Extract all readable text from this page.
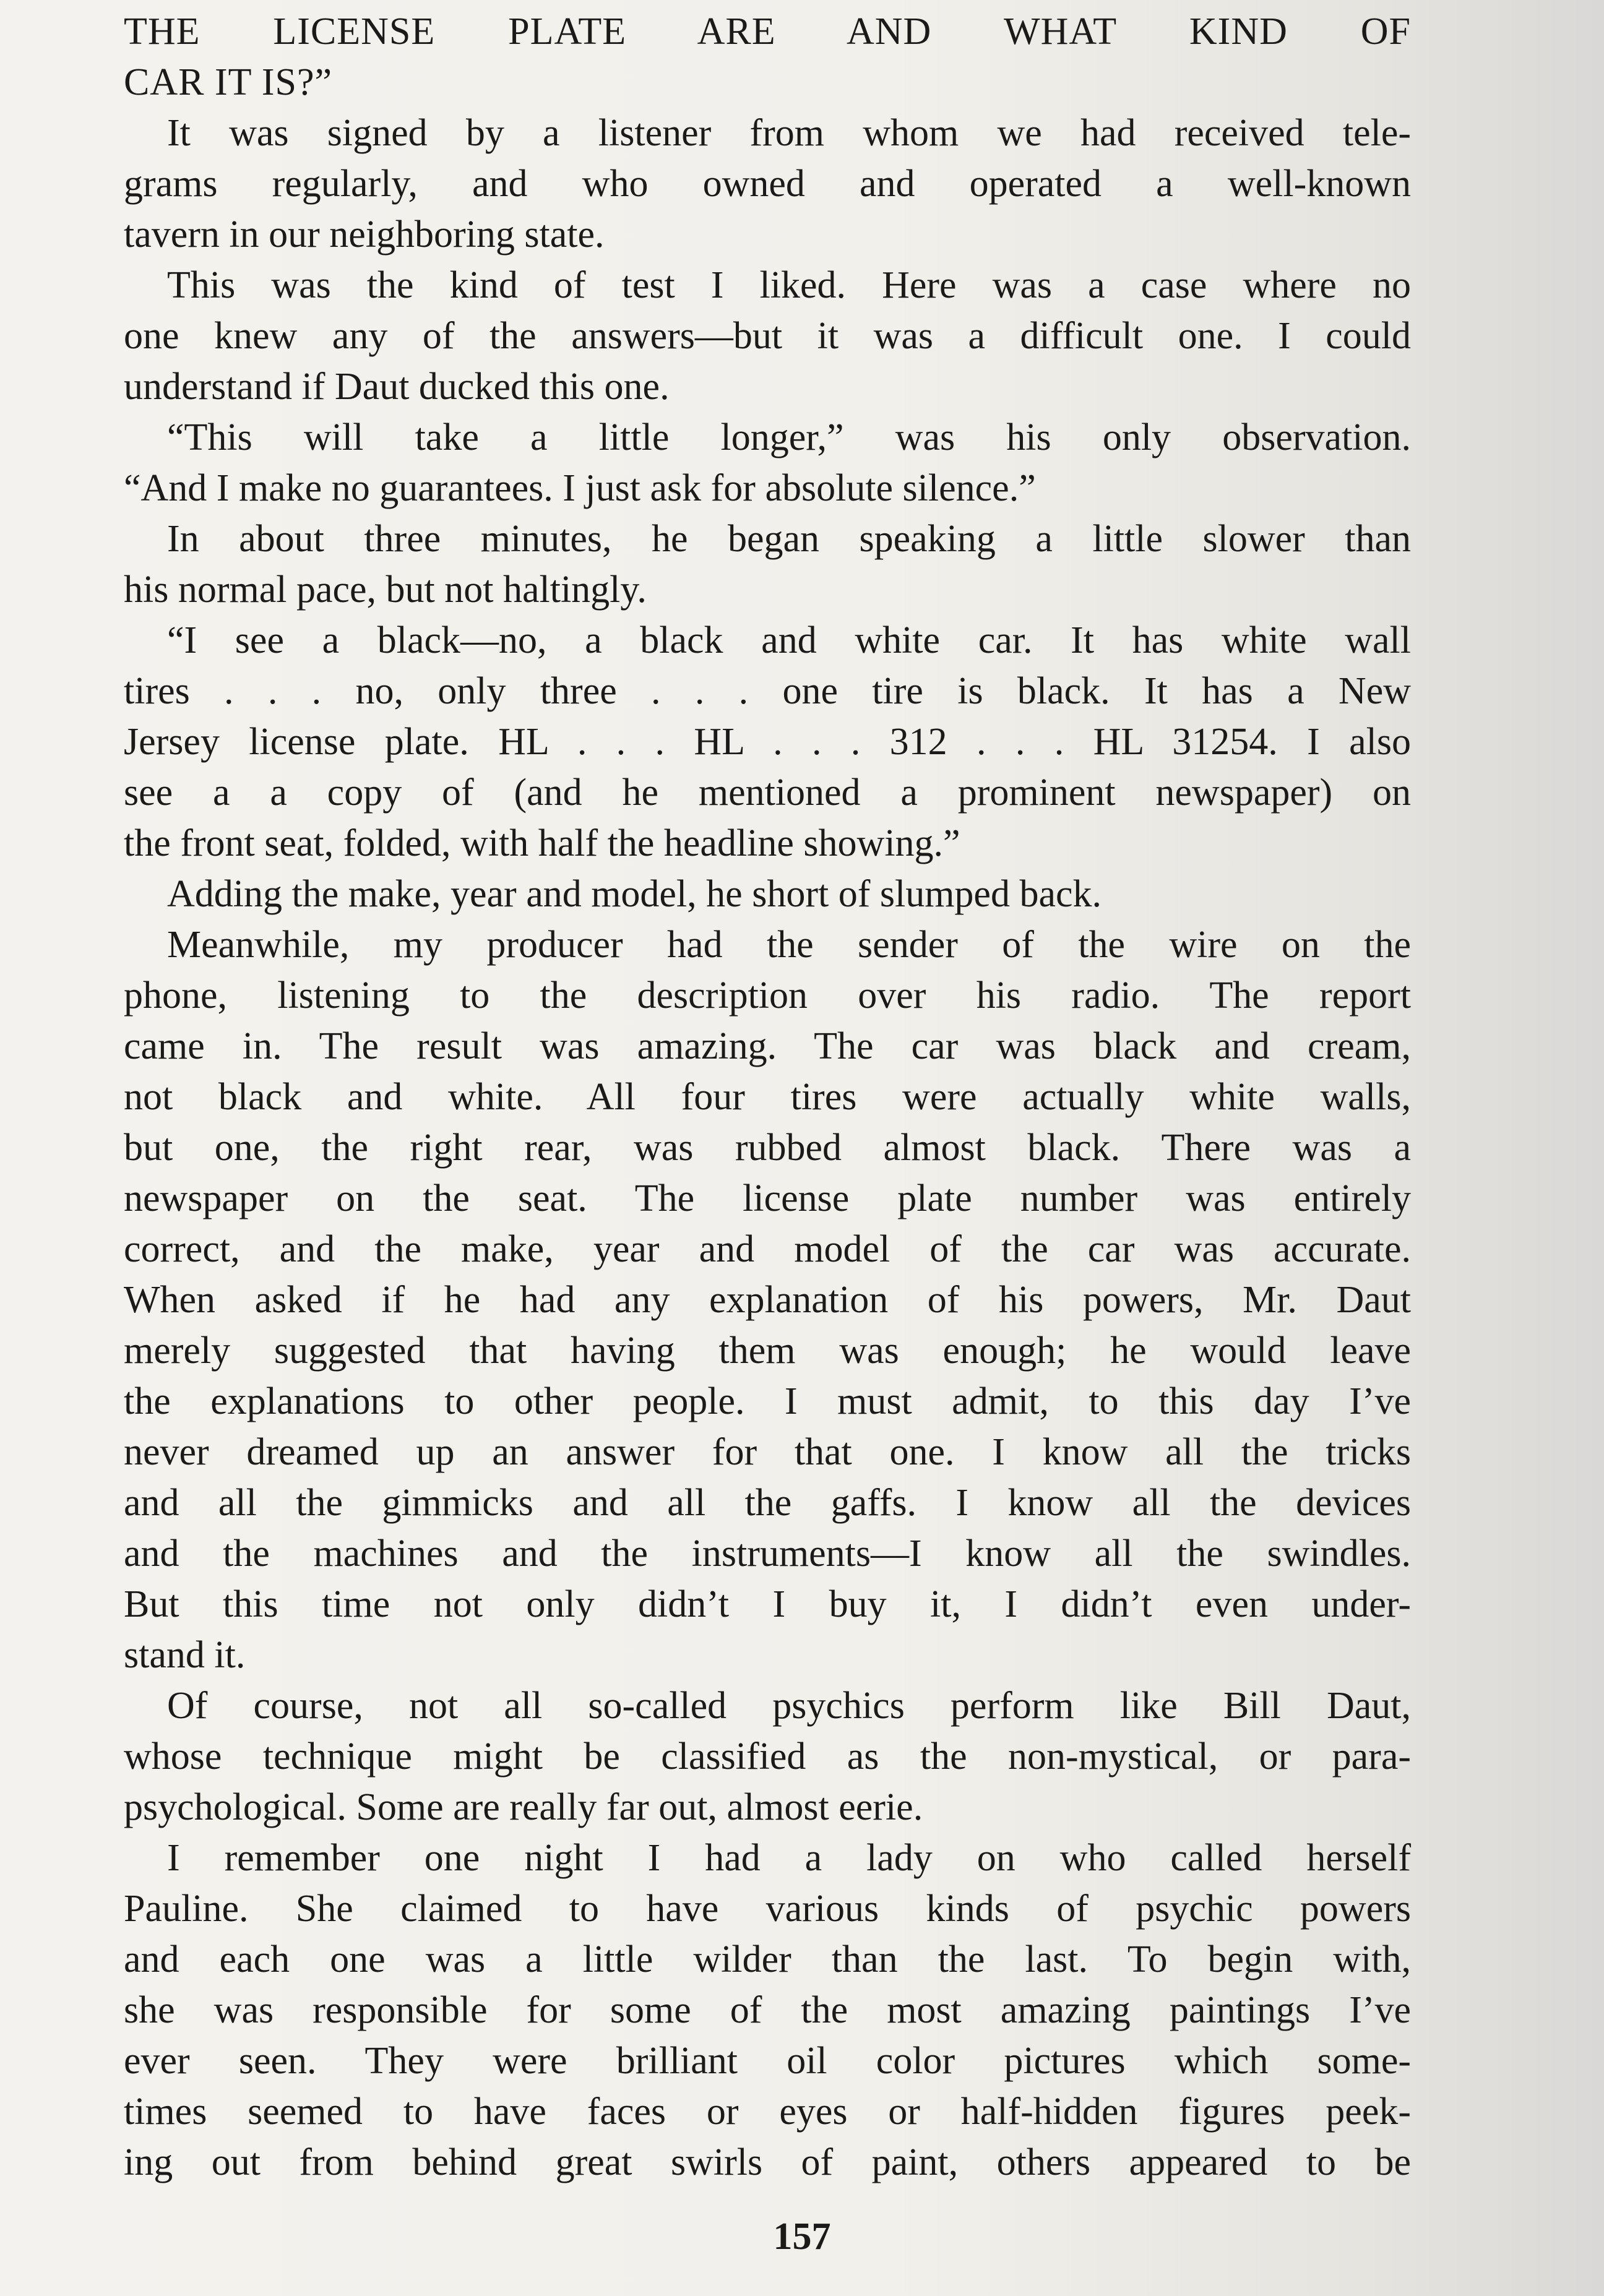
THE LICENSE PLATE ARE AND WHAT KIND OF
CAR IT IS?”
It was signed by a listener from whom we had received tele-
grams regularly, and who owned and operated a well-known
tavern in our neighboring state.
This was the kind of test I liked. Here was a case where no
one knew any of the answers—but it was a difficult one. I could
understand if Daut ducked this one.
“This will take a little longer,” was his only observation.
“And I make no guarantees. I just ask for absolute silence.”
In about three minutes, he began speaking a little slower than
his normal pace, but not haltingly.
“I see a black—no, a black and white car. It has white wall
tires . . . no, only three . . . one tire is black. It has a New
Jersey license plate. HL . . . HL . . . 312 . . . HL 31254. I also
see a a copy of (and he mentioned a prominent newspaper) on
the front seat, folded, with half the headline showing.”
Adding the make, year and model, he short of slumped back.
Meanwhile, my producer had the sender of the wire on the
phone, listening to the description over his radio. The report
came in. The result was amazing. The car was black and cream,
not black and white. All four tires were actually white walls,
but one, the right rear, was rubbed almost black. There was a
newspaper on the seat. The license plate number was entirely
correct, and the make, year and model of the car was accurate.
When asked if he had any explanation of his powers, Mr. Daut
merely suggested that having them was enough; he would leave
the explanations to other people. I must admit, to this day I’ve
never dreamed up an answer for that one. I know all the tricks
and all the gimmicks and all the gaffs. I know all the devices
and the machines and the instruments—I know all the swindles.
But this time not only didn’t I buy it, I didn’t even under-
stand it.
Of course, not all so-called psychics perform like Bill Daut,
whose technique might be classified as the non-mystical, or para-
psychological. Some are really far out, almost eerie.
I remember one night I had a lady on who called herself
Pauline. She claimed to have various kinds of psychic powers
and each one was a little wilder than the last. To begin with,
she was responsible for some of the most amazing paintings I’ve
ever seen. They were brilliant oil color pictures which some-
times seemed to have faces or eyes or half-hidden figures peek-
ing out from behind great swirls of paint, others appeared to be
157
